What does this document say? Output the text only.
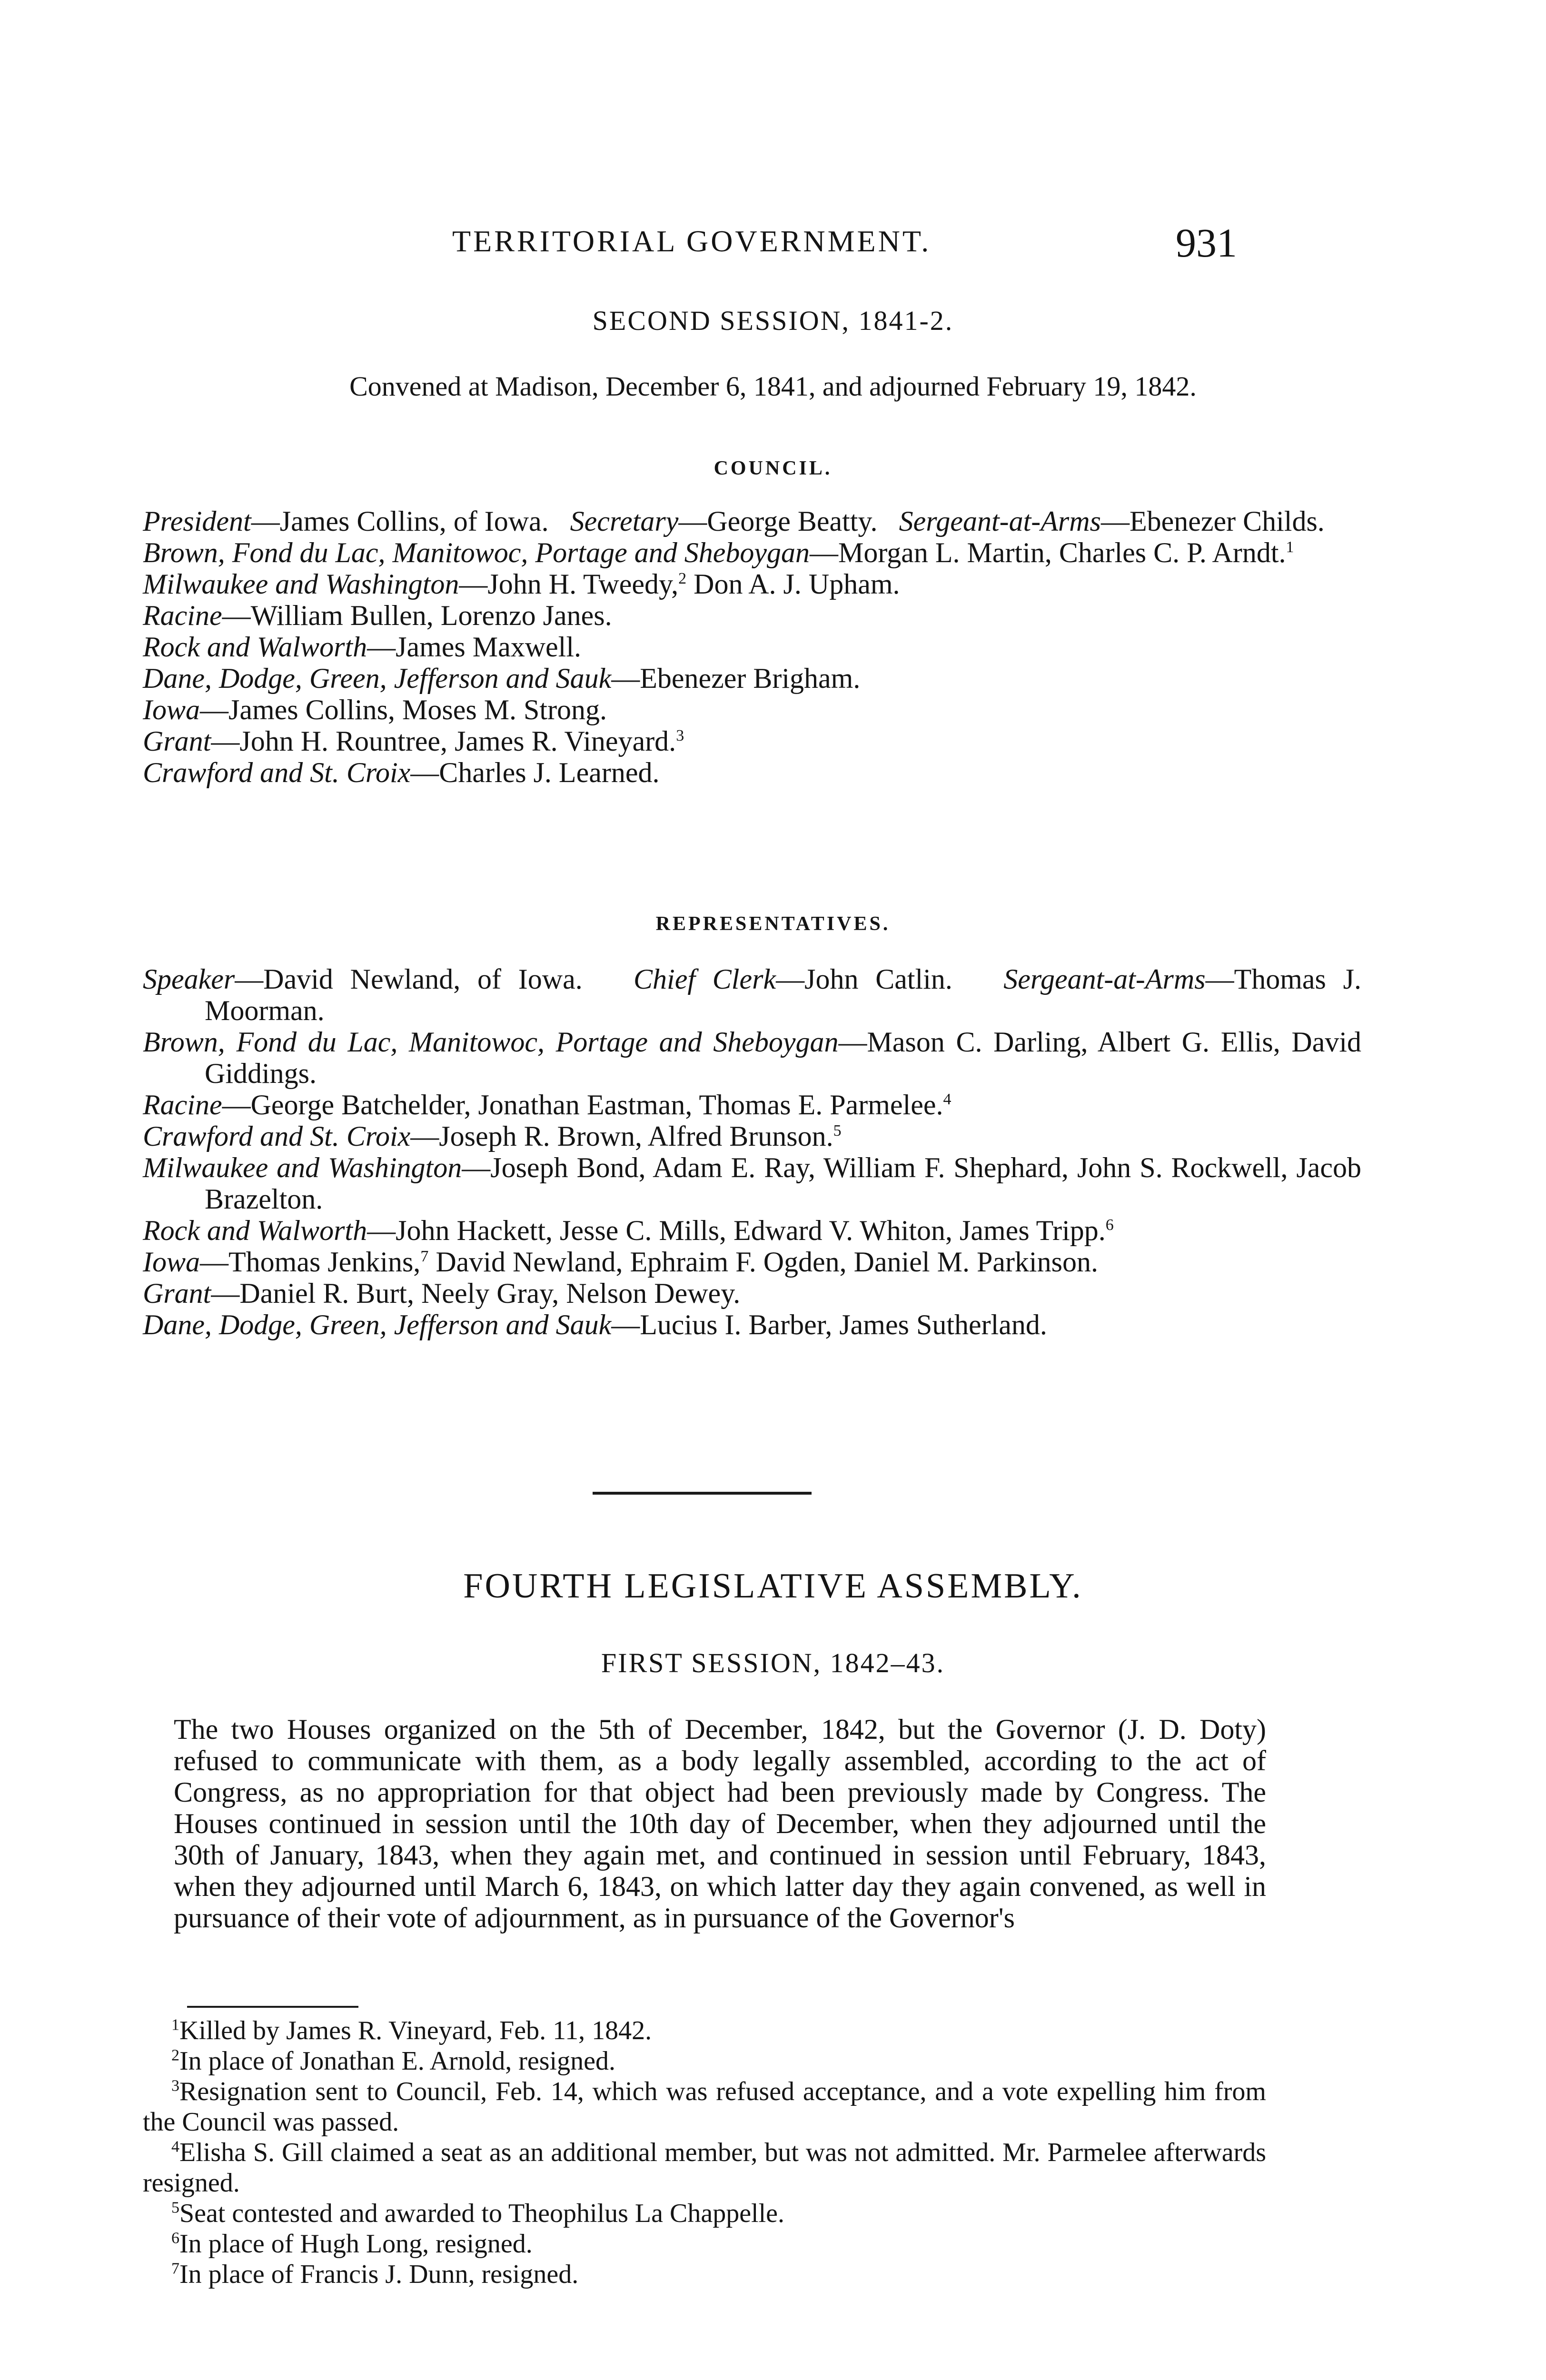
TERRITORIAL GOVERNMENT.	931
SECOND SESSION, 1841-2.
Convened at Madison, December 6, 1841, and adjourned February 19, 1842.
COUNCIL.

President—James Collins, of Iowa. Secretary—George Beatty. Sergeant-at-Arms—Ebenezer Childs.

Brown, Fond du Lac, Manitowoc, Portage and Sheboygan—Morgan L. Martin, Charles C. P. Arndt.$^1$

Milwaukee and Washington—John H. Tweedy,$^2$ Don A. J. Upham.

Racine—William Bullen, Lorenzo Janes.

Rock and Walworth—James Maxwell.

Dane, Dodge, Green, Jefferson and Sauk—Ebenezer Brigham.

Iowa—James Collins, Moses M. Strong.

Grant—John H. Rountree, James R. Vineyard.$^3$

Crawford and St. Croix—Charles J. Learned.

REPRESENTATIVES.

Speaker—David Newland, of Iowa. Chief Clerk—John Catlin. Sergeant-at-Arms—Thomas J. Moorman.

Brown, Fond du Lac, Manitowoc, Portage and Sheboygan—Mason C. Darling, Albert G. Ellis, David Giddings.

Racine—George Batchelder, Jonathan Eastman, Thomas E. Parmelee.$^4$

Crawford and St. Croix—Joseph R. Brown, Alfred Brunson.$^5$

Milwaukee and Washington—Joseph Bond, Adam E. Ray, William F. Shephard, John S. Rockwell, Jacob Brazelton.

Rock and Walworth—John Hackett, Jesse C. Mills, Edward V. Whiton, James Tripp.$^6$

Iowa—Thomas Jenkins,$^7$ David Newland, Ephraim F. Ogden, Daniel M. Parkinson.

Grant—Daniel R. Burt, Neely Gray, Nelson Dewey.

Dane, Dodge, Green, Jefferson and Sauk—Lucius I. Barber, James Sutherland.

FOURTH LEGISLATIVE ASSEMBLY.
FIRST SESSION, 1842–43.

The two Houses organized on the 5th of December, 1842, but the Governor (J. D. Doty) refused to communicate with them, as a body legally assembled, according to the act of Congress, as no appropriation for that object had been previously made by Congress. The Houses continued in session until the 10th day of December, when they adjourned until the 30th of January, 1843, when they again met, and continued in session until February, 1843, when they adjourned until March 6, 1843, on which latter day they again convened, as well in pursuance of their vote of adjournment, as in pursuance of the Governor's

$^1$Killed by James R. Vineyard, Feb. 11, 1842.

$^2$In place of Jonathan E. Arnold, resigned.

$^3$Resignation sent to Council, Feb. 14, which was refused acceptance, and a vote expelling him from the Council was passed.

$^4$Elisha S. Gill claimed a seat as an additional member, but was not admitted. Mr. Parmelee afterwards resigned.

$^5$Seat contested and awarded to Theophilus La Chappelle.

$^6$In place of Hugh Long, resigned.

$^7$In place of Francis J. Dunn, resigned.
